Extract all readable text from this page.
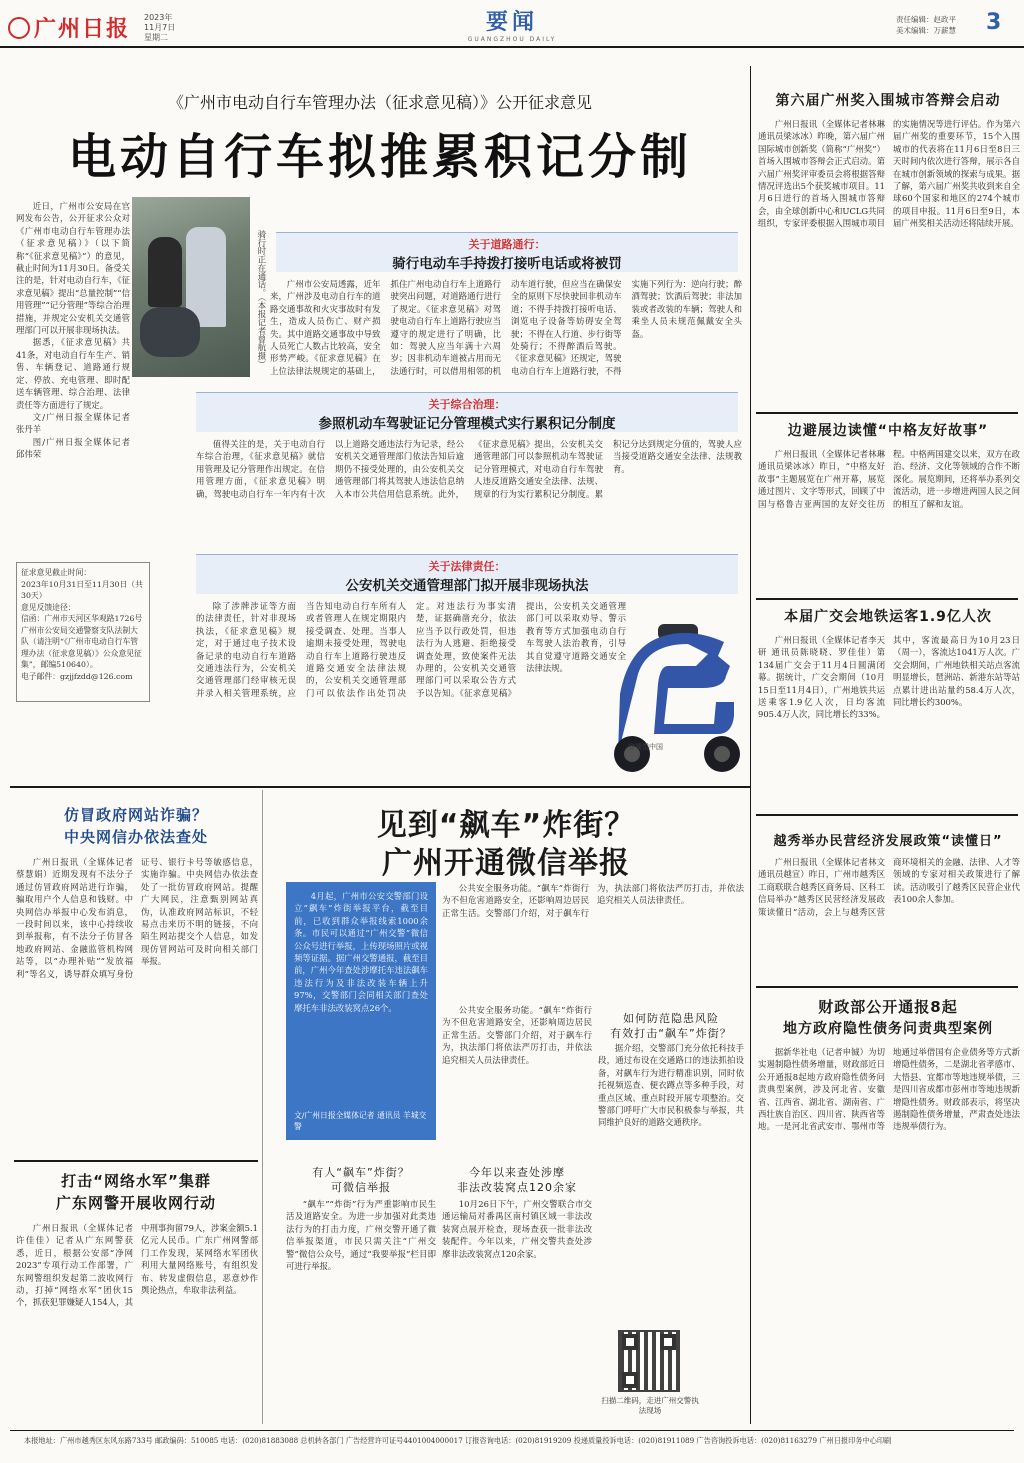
广州日报 2023年
11月7日
星期二
要闻
GUANGZHOU DAILY
责任编辑：赵政平
美术编辑：万薪慧 3
《广州市电动自行车管理办法（征求意见稿）》公开征求意见
电动自行车拟推累积记分制
骑行时正在通话。（本报记者曾航摄）

近日，广州市公安局在官网发布公告，公开征求公众对《广州市电动自行车管理办法（征求意见稿）》（以下简称“《征求意见稿》”）的意见，截止时间为11月30日。备受关注的是，针对电动自行车，《征求意见稿》提出“总量控制”“信用管理”“记分管理”等综合治理措施，并规定公安机关交通管理部门可以开展非现场执法。

据悉，《征求意见稿》共41条，对电动自行车生产、销售、车辆登记、道路通行规定、停放、充电管理、即时配送车辆管理、综合治理、法律责任等方面进行了规定。

文/广州日报全媒体记者 张丹羊

图/广州日报全媒体记者 邱伟荣

征求意见截止时间：
2023年10月31日至11月30日（共30天）
意见反馈途径：
信函：广州市天河区华观路1726号广州市公安局交通警察支队法制大队（请注明“《广州市电动自行车管理办法（征求意见稿）》公众意见征集”，邮编510640）。
电子邮件：gzjjfzdd@126.com
关于道路通行：
骑行电动车手持拨打接听电话或将被罚

广州市公安局透露，近年来，广州涉及电动自行车的道路交通事故和火灾事故时有发生，造成人员伤亡、财产损失。其中道路交通事故中导致人员死亡人数占比较高，安全形势严峻。《征求意见稿》在上位法律法规规定的基础上，抓住广州电动自行车上道路行驶突出问题，对道路通行进行了规定。《征求意见稿》对驾驶电动自行车上道路行驶应当遵守的规定进行了明确，比如：驾驶人应当年满十六周岁；因非机动车道被占用而无法通行时，可以借用相邻的机动车道行驶，但应当在确保安全的原则下尽快驶回非机动车道；不得手持拨打接听电话、浏览电子设备等妨碍安全驾驶；不得在人行道、步行街等处骑行；不得醉酒后驾驶。《征求意见稿》还规定，驾驶电动自行车上道路行驶，不得实施下列行为：逆向行驶；醉酒驾驶；饮酒后驾驶；非法加装或者改装的车辆；驾驶人和乘坐人员未规范佩戴安全头盔。

关于综合治理：
参照机动车驾驶证记分管理模式实行累积记分制度

值得关注的是，关于电动自行车综合治理，《征求意见稿》就信用管理及记分管理作出规定。在信用管理方面，《征求意见稿》明确，驾驶电动自行车一年内有十次以上道路交通违法行为记录，经公安机关交通管理部门依法告知后逾期仍不接受处理的，由公安机关交通管理部门将其驾驶人违法信息纳入本市公共信用信息系统。此外，《征求意见稿》提出，公安机关交通管理部门可以参照机动车驾驶证记分管理模式，对电动自行车驾驶人违反道路交通安全法律、法规、规章的行为实行累积记分制度。累积记分达到规定分值的，驾驶人应当接受道路交通安全法律、法规教育。

关于法律责任：
公安机关交通管理部门拟开展非现场执法

除了涉牌涉证等方面的法律责任，针对非现场执法，《征求意见稿》规定，对于通过电子技术设备记录的电动自行车道路交通违法行为，公安机关交通管理部门经审核无误并录入相关管理系统，应当告知电动自行车所有人或者管理人在规定期限内接受调查、处理。当事人逾期未接受处理，驾驶电动自行车上道路行驶违反道路交通安全法律法规的，公安机关交通管理部门可以依法作出处罚决定。对违法行为事实清楚，证据确凿充分，依法应当予以行政处罚，但违法行为人逃避、拒绝接受调查处理，致使案件无法办理的，公安机关交通管理部门可以采取公告方式予以告知。《征求意见稿》提出，公安机关交通管理部门可以采取劝导、警示教育等方式加强电动自行车驾驶人法治教育，引导其自觉遵守道路交通安全法律法规。

@视觉中国
第六届广州奖入围城市答辩会启动

广州日报讯（全媒体记者林琳 通讯员梁冰冰）昨晚，第六届广州国际城市创新奖（简称“广州奖”）首场入围城市答辩会正式启动。第六届广州奖评审委员会将根据答辩情况评选出5个获奖城市项目。11月6日进行的首场入围城市答辩会，由全球创新中心和UCLG共同组织，专家评委根据入围城市项目的实施情况等进行评估。作为第六届广州奖的重要环节，15个入围城市的代表将在11月6日至8日三天时间内依次进行答辩，展示各自在城市创新领域的探索与成果。据了解，第六届广州奖共收到来自全球60个国家和地区的274个城市的项目申报。11月6日至9日，本届广州奖相关活动还将陆续开展。

边避展边读懂“中格友好故事”

广州日报讯（全媒体记者林琳 通讯员梁冰冰）昨日，“中格友好故事”主题展览在广州开幕，展览通过图片、文字等形式，回顾了中国与格鲁吉亚两国的友好交往历程。中格两国建交以来，双方在政治、经济、文化等领域的合作不断深化。展览期间，还将举办系列交流活动，进一步增进两国人民之间的相互了解和友谊。

本届广交会地铁运客1.9亿人次

广州日报讯（全媒体记者李天研 通讯员陈晓晓、罗佳佳）第134届广交会于11月4日圆满闭幕。据统计，广交会期间（10月15日至11月4日），广州地铁共运送乘客1.9亿人次，日均客流905.4万人次，同比增长约33%。其中，客流最高日为10月23日（周一），客流达1041万人次。广交会期间，广州地铁相关站点客流明显增长，琶洲站、新港东站等站点累计进出站量约58.4万人次，同比增长约300%。

越秀举办民营经济发展政策“读懂日”

广州日报讯（全媒体记者林文 通讯员越宣）昨日，广州市越秀区工商联联合越秀区商务局、区科工信局举办“越秀区民营经济发展政策读懂日”活动，会上与越秀区营商环境相关的金融、法律、人才等领域的专家对相关政策进行了解读。活动吸引了越秀区民营企业代表100余人参加。

财政部公开通报8起
地方政府隐性债务问责典型案例

据新华社电（记者申铖）为切实遏制隐性债务增量，财政部近日公开通报8起地方政府隐性债务问责典型案例，涉及河北省、安徽省、江西省、湖北省、湖南省、广西壮族自治区、四川省、陕西省等地。一是河北省武安市、鄂州市等地通过举借国有企业债务等方式新增隐性债务，二是湖北省孝感市、大悟县、宜都市等地违规举债，三是四川省成都市彭州市等地违规新增隐性债务。财政部表示，将坚决遏制隐性债务增量，严肃查处违法违规举债行为。

仿冒政府网站诈骗？
中央网信办依法查处

广州日报讯（全媒体记者蔡慧娟）近期发现有不法分子通过仿冒政府网站进行诈骗，骗取用户个人信息和钱财。中央网信办举报中心发布消息，一段时间以来，该中心持续收到举报称，有不法分子仿冒各地政府网站、金融监管机构网站等，以“办理补贴”“发放福利”等名义，诱导群众填写身份证号、银行卡号等敏感信息，实施诈骗。中央网信办依法查处了一批仿冒政府网站。提醒广大网民，注意甄别网站真伪，认准政府网站标识，不轻易点击来历不明的链接，不向陌生网站提交个人信息，如发现仿冒网站可及时向相关部门举报。

打击“网络水军”集群
广东网警开展收网行动

广州日报讯（全媒体记者许佳佳）记者从广东网警获悉，近日，根据公安部“净网2023”专项行动工作部署，广东网警组织发起第二波收网行动，打掉“网络水军”团伙15个，抓获犯罪嫌疑人154人，其中刑事拘留79人，涉案金额5.1亿元人民币。广东广州网警部门工作发现，某网络水军团伙利用大量网络账号，有组织发布、转发虚假信息，恶意炒作舆论热点，牟取非法利益。

见到“飙车”炸街？
广州开通微信举报

4月起，广州市公安交警部门设立“飙车”炸街举报平台，截至目前，已收到群众举报线索1000余条。市民可以通过“广州交警”微信公众号进行举报，上传现场照片或视频等证据。据广州交警通报，截至目前，广州今年查处涉摩托车违法飙车违法行为及非法改装车辆上升97%，交警部门会同相关部门查处摩托车非法改装窝点26个。

文/广州日报全媒体记者 通讯员 羊城交警

公共安全服务功能。“飙车”炸街行为不但危害道路安全，还影响周边居民正常生活。交警部门介绍，对于飙车行为，执法部门将依法严厉打击，并依法追究相关人员法律责任。

如何防范隐患风险
有效打击“飙车”炸街？

公共安全服务功能。“飙车”炸街行为不但危害道路安全，还影响周边居民正常生活。交警部门介绍，对于飙车行为，执法部门将依法严厉打击，并依法追究相关人员法律责任。

今年以来查处涉摩
非法改装窝点120余家
有人“飙车”炸街？
可微信举报

“飙车”“炸街”行为严重影响市民生活及道路安全。为进一步加强对此类违法行为的打击力度，广州交警开通了微信举报渠道，市民只需关注“广州交警”微信公众号，通过“我要举报”栏目即可进行举报。

10月26日下午，广州交警联合市交通运输局对番禺区南村镇区域一非法改装窝点展开检查，现场查获一批非法改装配件。今年以来，广州交警共查处涉摩非法改装窝点120余家。

据介绍，交警部门充分依托科技手段，通过布设在交通路口的违法抓拍设备，对飙车行为进行精准识别，同时依托视频巡查、便衣蹲点等多种手段，对重点区域、重点时段开展专项整治。交警部门呼吁广大市民积极参与举报，共同维护良好的道路交通秩序。

扫描二维码，走进广州交警执法现场
本报地址：广州市越秀区东风东路733号 邮政编码：510085 电话：(020)81883088 总机转各部门 广告经营许可证号4401004000017 订报咨询电话：(020)81919209 投递质量投诉电话：(020)81911089 广告咨询投诉电话：(020)81163279 广州日报印务中心印刷
